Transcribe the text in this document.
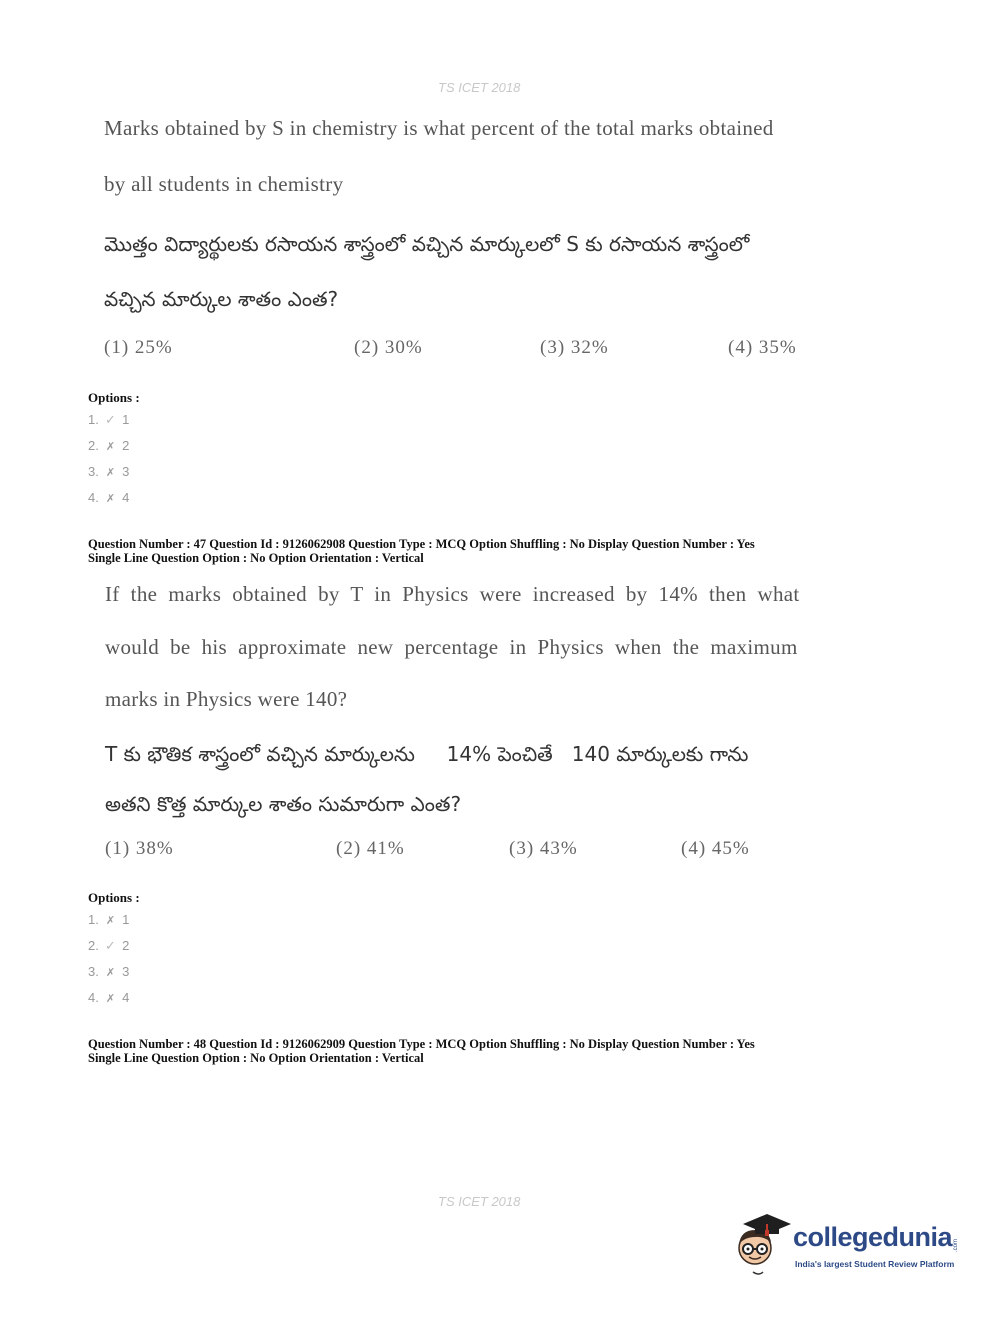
TS ICET 2018
Marks obtained by S in chemistry is what percent of the total marks obtained
by all students in chemistry
మొత్తం విద్యార్థులకు రసాయన శాస్త్రంలో వచ్చిన మార్కులలో S కు రసాయన శాస్త్రంలో
వచ్చిన మార్కుల శాతం ఎంత?
(1) 25%	(2) 30%	(3) 32%	(4) 35%
Options :
1. ✓ 1
2. ✗ 2
3. ✗ 3
4. ✗ 4
Question Number : 47 Question Id : 9126062908 Question Type : MCQ Option Shuffling : No Display Question Number : Yes
Single Line Question Option : No Option Orientation : Vertical
If  the  marks  obtained  by  T  in  Physics  were  increased  by  14%  then  what
would  be  his  approximate  new  percentage  in  Physics  when  the  maximum
marks in Physics were 140?
T కు భౌతిక శాస్త్రంలో వచ్చిన మార్కులను     14% పెంచితే   140 మార్కులకు గాను
అతని కొత్త మార్కుల శాతం సుమారుగా ఎంత?
(1) 38%	(2) 41%	(3) 43%	(4) 45%
Options :
1. ✗ 1
2. ✓ 2
3. ✗ 3
4. ✗ 4
Question Number : 48 Question Id : 9126062909 Question Type : MCQ Option Shuffling : No Display Question Number : Yes
Single Line Question Option : No Option Orientation : Vertical
TS ICET 2018
collegedunia .com
India's largest Student Review Platform
